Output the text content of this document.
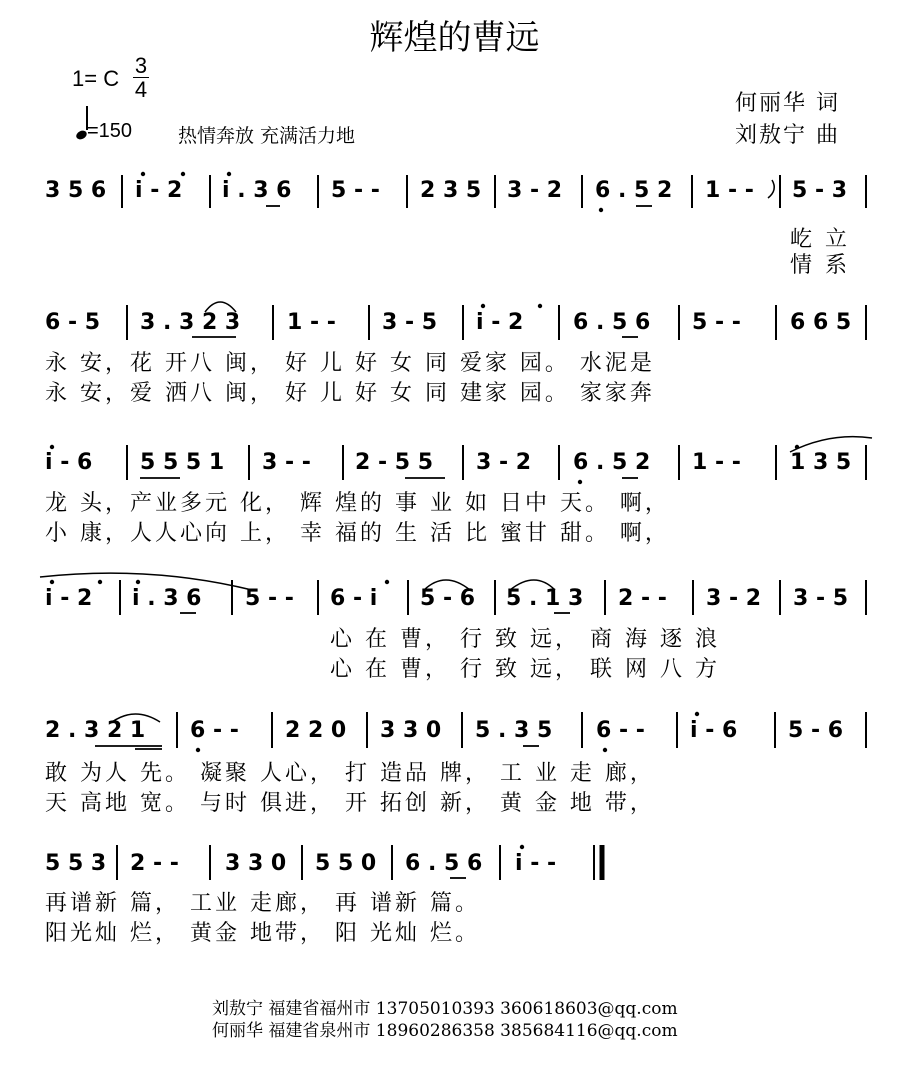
辉煌的曹远
1= C
3
4
=150 热情奔放 充满活力地
何丽华 词
刘敖宁 曲
3 5 6 i - 2 i . 3 6 5 - - 2 3 5 3 - 2 6 . 5 2 1 - - 5 - 3
屹 立
情 系
6 - 5 3 . 3 2 3 1 - - 3 - 5 i - 2 6 . 5 6 5 - - 6 6 5
永 安，花 开八 闽， 好 儿 好 女 同 爱家 园。 水泥是
永 安，爱 洒八 闽， 好 儿 好 女 同 建家 园。 家家奔
i - 6 5 5 5 1 3 - - 2 - 5 5 3 - 2 6 . 5 2 1 - - 1 3 5
龙 头，产业多元 化， 辉 煌的 事 业 如 日中 天。 啊，
小 康，人人心向 上， 幸 福的 生 活 比 蜜甘 甜。 啊，
i - 2 i . 3 6 5 - - 6 - i 5 - 6 5 . 1 3 2 - - 3 - 2 3 - 5
心 在 曹， 行 致 远， 商 海 逐 浪
心 在 曹， 行 致 远， 联 网 八 方
2 . 3 2 1 6 - - 2 2 0 3 3 0 5 . 3 5 6 - - i - 6 5 - 6
敢 为人 先。 凝聚 人心， 打 造品 牌， 工 业 走 廊，
天 高地 宽。 与时 俱进， 开 拓创 新， 黄 金 地 带，
5 5 3 2 - - 3 3 0 5 5 0 6 . 5 6 i - -
再谱新 篇， 工业 走廊， 再 谱新 篇。
阳光灿 烂， 黄金 地带， 阳 光灿 烂。
刘敖宁 福建省福州市 13705010393 360618603@qq.com
何丽华 福建省泉州市 18960286358 385684116@qq.com
